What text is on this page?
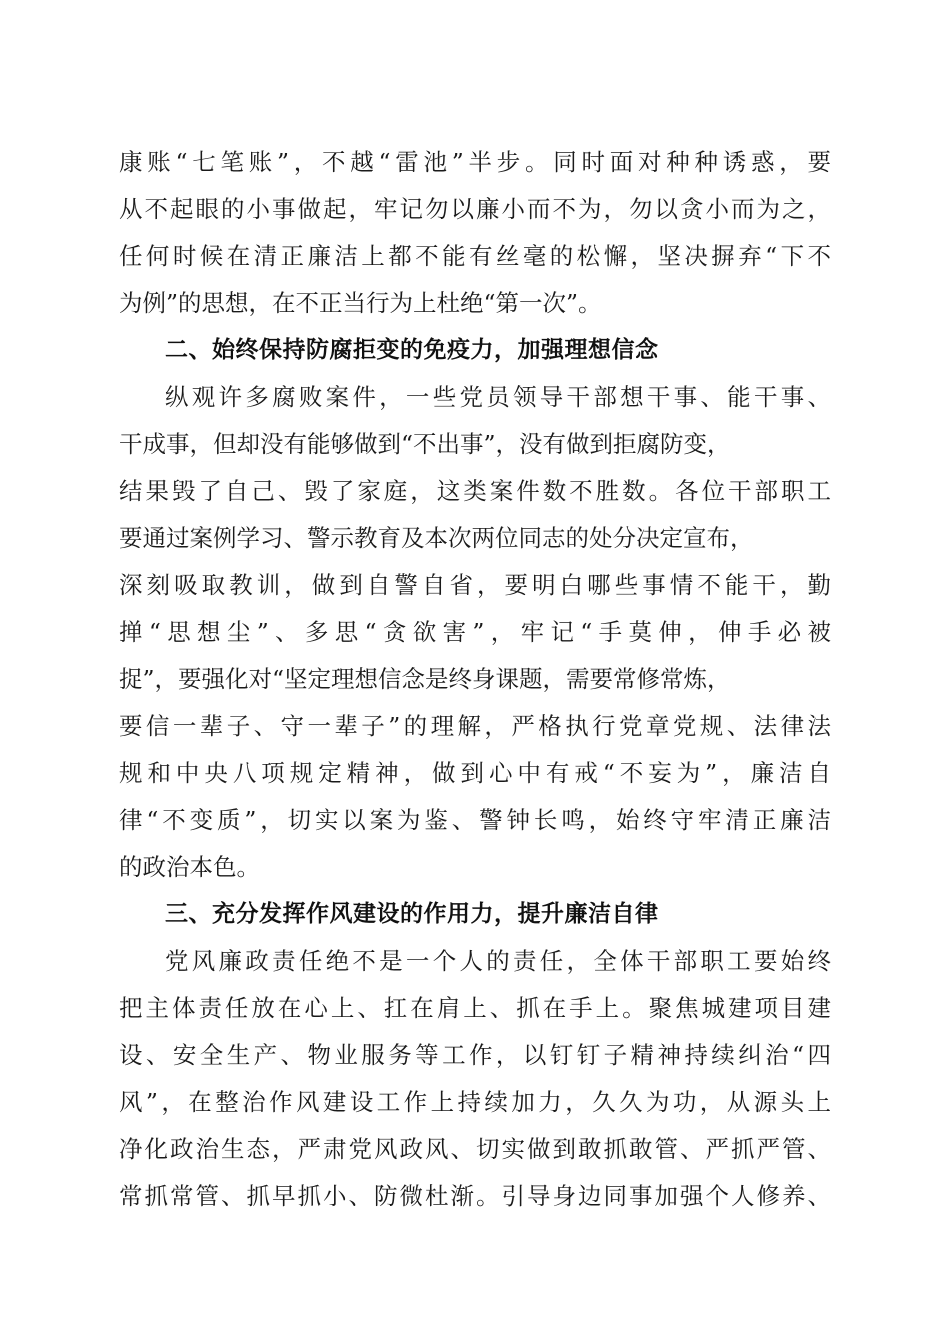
康账“七笔账”，不越“雷池”半步。同时面对种种诱惑，要
从不起眼的小事做起，牢记勿以廉小而不为，勿以贪小而为之，
任何时候在清正廉洁上都不能有丝毫的松懈，坚决摒弃“下不
为例”的思想，在不正当行为上杜绝“第一次”。
二、始终保持防腐拒变的免疫力，加强理想信念
纵观许多腐败案件，一些党员领导干部想干事、能干事、
干成事，但却没有能够做到“不出事”，没有做到拒腐防变，
结果毁了自己、毁了家庭，这类案件数不胜数。各位干部职工
要通过案例学习、警示教育及本次两位同志的处分决定宣布，
深刻吸取教训，做到自警自省，要明白哪些事情不能干，勤
掸“思想尘”、多思“贪欲害”，牢记“手莫伸，伸手必被
捉”，要强化对“坚定理想信念是终身课题，需要常修常炼，
要信一辈子、守一辈子”的理解，严格执行党章党规、法律法
规和中央八项规定精神，做到心中有戒“不妄为”，廉洁自
律“不变质”，切实以案为鉴、警钟长鸣，始终守牢清正廉洁
的政治本色。
三、充分发挥作风建设的作用力，提升廉洁自律
党风廉政责任绝不是一个人的责任，全体干部职工要始终
把主体责任放在心上、扛在肩上、抓在手上。聚焦城建项目建
设、安全生产、物业服务等工作，以钉钉子精神持续纠治“四
风”，在整治作风建设工作上持续加力，久久为功，从源头上
净化政治生态，严肃党风政风、切实做到敢抓敢管、严抓严管、
常抓常管、抓早抓小、防微杜渐。引导身边同事加强个人修养、
